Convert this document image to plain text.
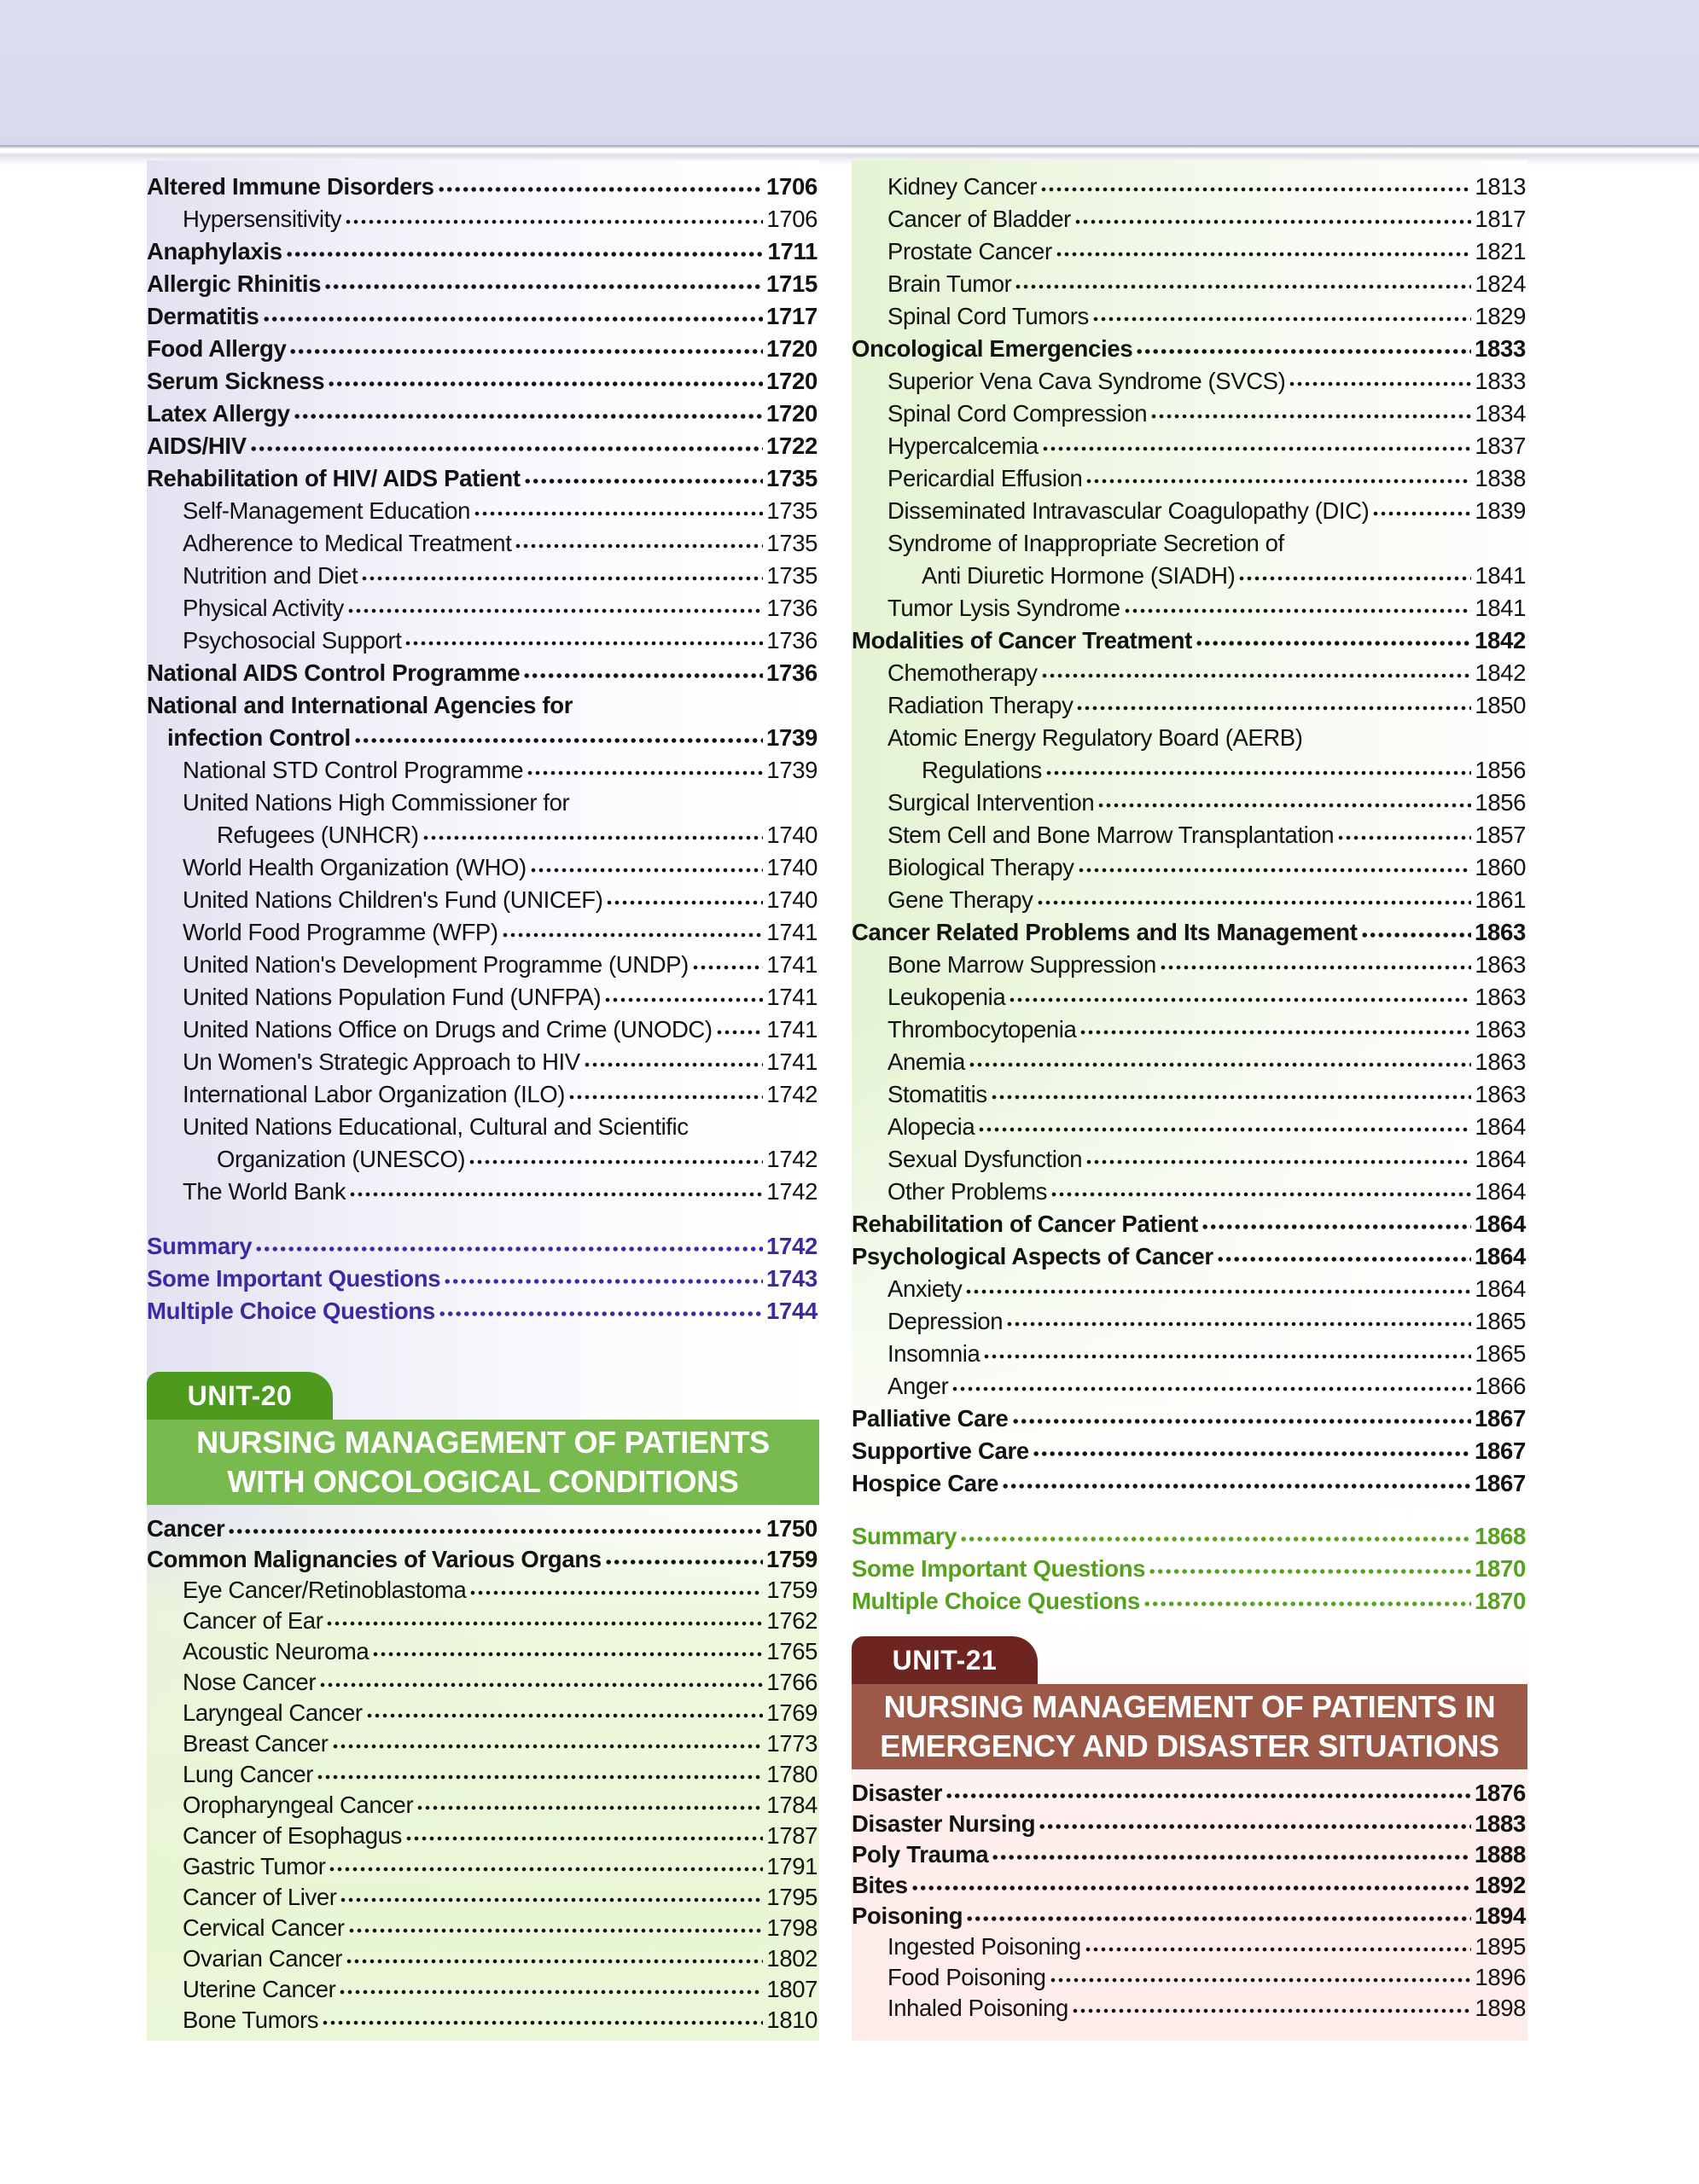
Altered Immune Disorders	1706
Hypersensitivity	1706
Anaphylaxis	1711
Allergic Rhinitis	1715
Dermatitis	1717
Food Allergy	1720
Serum Sickness	1720
Latex Allergy	1720
AIDS/HIV	1722
Rehabilitation of HIV/ AIDS Patient	1735
Self-Management Education	1735
Adherence to Medical Treatment	1735
Nutrition and Diet	1735
Physical Activity	1736
Psychosocial Support	1736
National AIDS Control Programme	1736
National and International Agencies for
infection Control	1739
National STD Control Programme	1739
United Nations High Commissioner for
Refugees (UNHCR)	1740
World Health Organization (WHO)	1740
United Nations Children's Fund (UNICEF)	1740
World Food Programme (WFP)	1741
United Nation's Development Programme (UNDP)	1741
United Nations Population Fund (UNFPA)	1741
United Nations Office on Drugs and Crime (UNODC) 1741
Un Women's Strategic Approach to HIV	1741
International Labor Organization (ILO)	1742
United Nations Educational, Cultural and Scientific
Organization (UNESCO)	1742
The World Bank	1742
Summary	1742
Some Important Questions	1743
Multiple Choice Questions	1744
UNIT-20
NURSING MANAGEMENT OF PATIENTS
WITH ONCOLOGICAL CONDITIONS
Cancer	1750
Common Malignancies of Various Organs	1759
Eye Cancer/Retinoblastoma	1759
Cancer of Ear	1762
Acoustic Neuroma	1765
Nose Cancer	1766
Laryngeal Cancer	1769
Breast Cancer	1773
Lung Cancer	1780
Oropharyngeal Cancer	1784
Cancer of Esophagus	1787
Gastric Tumor	1791
Cancer of Liver	1795
Cervical Cancer	1798
Ovarian Cancer	1802
Uterine Cancer	1807
Bone Tumors	1810
Kidney Cancer	1813
Cancer of Bladder	1817
Prostate Cancer	1821
Brain Tumor	1824
Spinal Cord Tumors	1829
Oncological Emergencies	1833
Superior Vena Cava Syndrome (SVCS)	1833
Spinal Cord Compression	1834
Hypercalcemia	1837
Pericardial Effusion	1838
Disseminated Intravascular Coagulopathy (DIC)	1839
Syndrome of Inappropriate Secretion of
Anti Diuretic Hormone (SIADH)	1841
Tumor Lysis Syndrome	1841
Modalities of Cancer Treatment	1842
Chemotherapy	1842
Radiation Therapy	1850
Atomic Energy Regulatory Board (AERB)
Regulations	1856
Surgical Intervention	1856
Stem Cell and Bone Marrow Transplantation	1857
Biological Therapy	1860
Gene Therapy	1861
Cancer Related Problems and Its Management	1863
Bone Marrow Suppression	1863
Leukopenia	1863
Thrombocytopenia	1863
Anemia	1863
Stomatitis	1863
Alopecia	1864
Sexual Dysfunction	1864
Other Problems	1864
Rehabilitation of Cancer Patient	1864
Psychological Aspects of Cancer	1864
Anxiety	1864
Depression	1865
Insomnia	1865
Anger	1866
Palliative Care	1867
Supportive Care	1867
Hospice Care	1867
Summary	1868
Some Important Questions	1870
Multiple Choice Questions	1870
UNIT-21
NURSING MANAGEMENT OF PATIENTS IN
EMERGENCY AND DISASTER SITUATIONS
Disaster	1876
Disaster Nursing	1883
Poly Trauma	1888
Bites	1892
Poisoning	1894
Ingested Poisoning	1895
Food Poisoning	1896
Inhaled Poisoning	1898
